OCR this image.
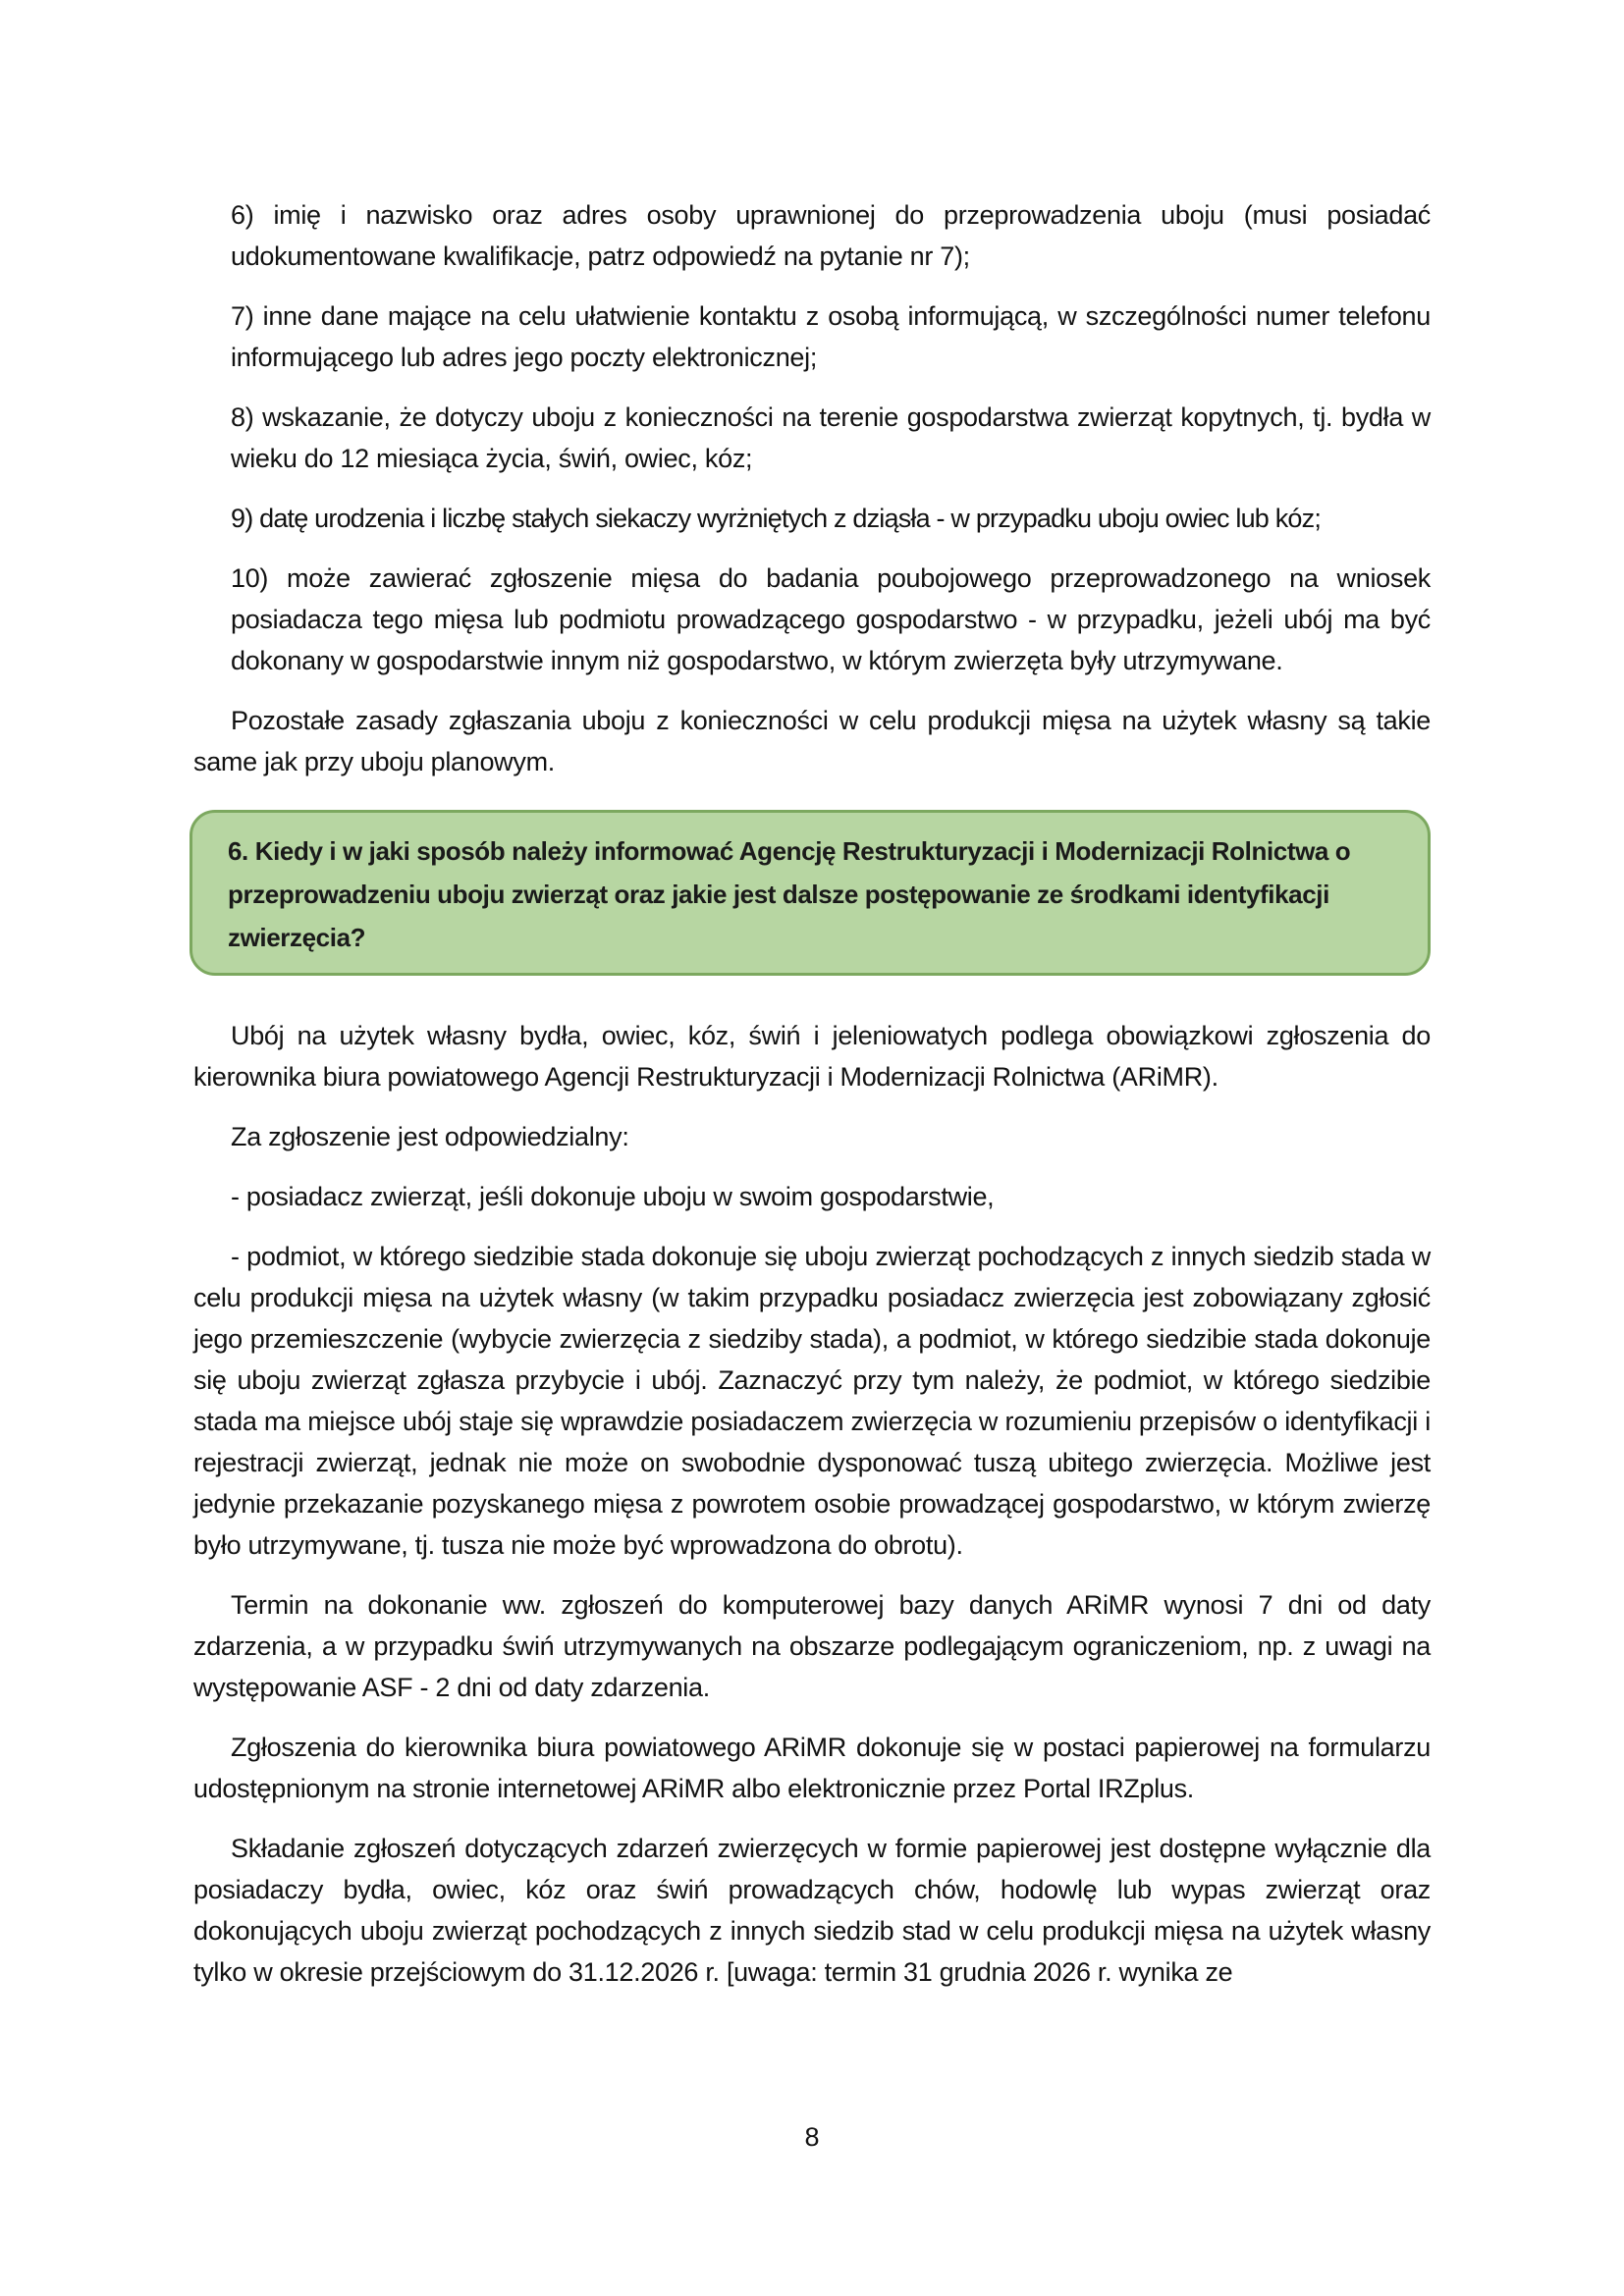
6) imię i nazwisko oraz adres osoby uprawnionej do przeprowadzenia uboju (musi posiadać udokumentowane kwalifikacje, patrz odpowiedź na pytanie nr 7);

7) inne dane mające na celu ułatwienie kontaktu z osobą informującą, w szczególności numer telefonu informującego lub adres jego poczty elektronicznej;

8) wskazanie, że dotyczy uboju z konieczności na terenie gospodarstwa zwierząt kopytnych, tj. bydła w wieku do 12 miesiąca życia, świń, owiec, kóz;

9) datę urodzenia i liczbę stałych siekaczy wyrżniętych z dziąsła - w przypadku uboju owiec lub kóz;

10) może zawierać zgłoszenie mięsa do badania poubojowego przeprowadzonego na wniosek posiadacza tego mięsa lub podmiotu prowadzącego gospodarstwo - w przypadku, jeżeli ubój ma być dokonany w gospodarstwie innym niż gospodarstwo, w którym zwierzęta były utrzymywane.

Pozostałe zasady zgłaszania uboju z konieczności w celu produkcji mięsa na użytek własny są takie same jak przy uboju planowym.

6. Kiedy i w jaki sposób należy informować Agencję Restrukturyzacji i Modernizacji Rolnictwa o przeprowadzeniu uboju zwierząt oraz jakie jest dalsze postępowanie ze środkami identyfikacji zwierzęcia?

Ubój na użytek własny bydła, owiec, kóz, świń i jeleniowatych podlega obowiązkowi zgłoszenia do kierownika biura powiatowego Agencji Restrukturyzacji i Modernizacji Rolnictwa (ARiMR).

Za zgłoszenie jest odpowiedzialny:

- posiadacz zwierząt, jeśli dokonuje uboju w swoim gospodarstwie,

- podmiot, w którego siedzibie stada dokonuje się uboju zwierząt pochodzących z innych siedzib stada w celu produkcji mięsa na użytek własny (w takim przypadku posiadacz zwierzęcia jest zobowiązany zgłosić jego przemieszczenie (wybycie zwierzęcia z siedziby stada), a podmiot, w którego siedzibie stada dokonuje się uboju zwierząt zgłasza przybycie i ubój. Zaznaczyć przy tym należy, że podmiot, w którego siedzibie stada ma miejsce ubój staje się wprawdzie posiadaczem zwierzęcia w rozumieniu przepisów o identyfikacji i rejestracji zwierząt, jednak nie może on swobodnie dysponować tuszą ubitego zwierzęcia. Możliwe jest jedynie przekazanie pozyskanego mięsa z powrotem osobie prowadzącej gospodarstwo, w którym zwierzę było utrzymywane, tj. tusza nie może być wprowadzona do obrotu).

Termin na dokonanie ww. zgłoszeń do komputerowej bazy danych ARiMR wynosi 7 dni od daty zdarzenia, a w przypadku świń utrzymywanych na obszarze podlegającym ograniczeniom, np. z uwagi na występowanie ASF - 2 dni od daty zdarzenia.

Zgłoszenia do kierownika biura powiatowego ARiMR dokonuje się w postaci papierowej na formularzu udostępnionym na stronie internetowej ARiMR albo elektronicznie przez Portal IRZplus.

Składanie zgłoszeń dotyczących zdarzeń zwierzęcych w formie papierowej jest dostępne wyłącznie dla posiadaczy bydła, owiec, kóz oraz świń prowadzących chów, hodowlę lub wypas zwierząt oraz dokonujących uboju zwierząt pochodzących z innych siedzib stad w celu produkcji mięsa na użytek własny tylko w okresie przejściowym do 31.12.2026 r. [uwaga: termin 31 grudnia 2026 r. wynika ze

8
